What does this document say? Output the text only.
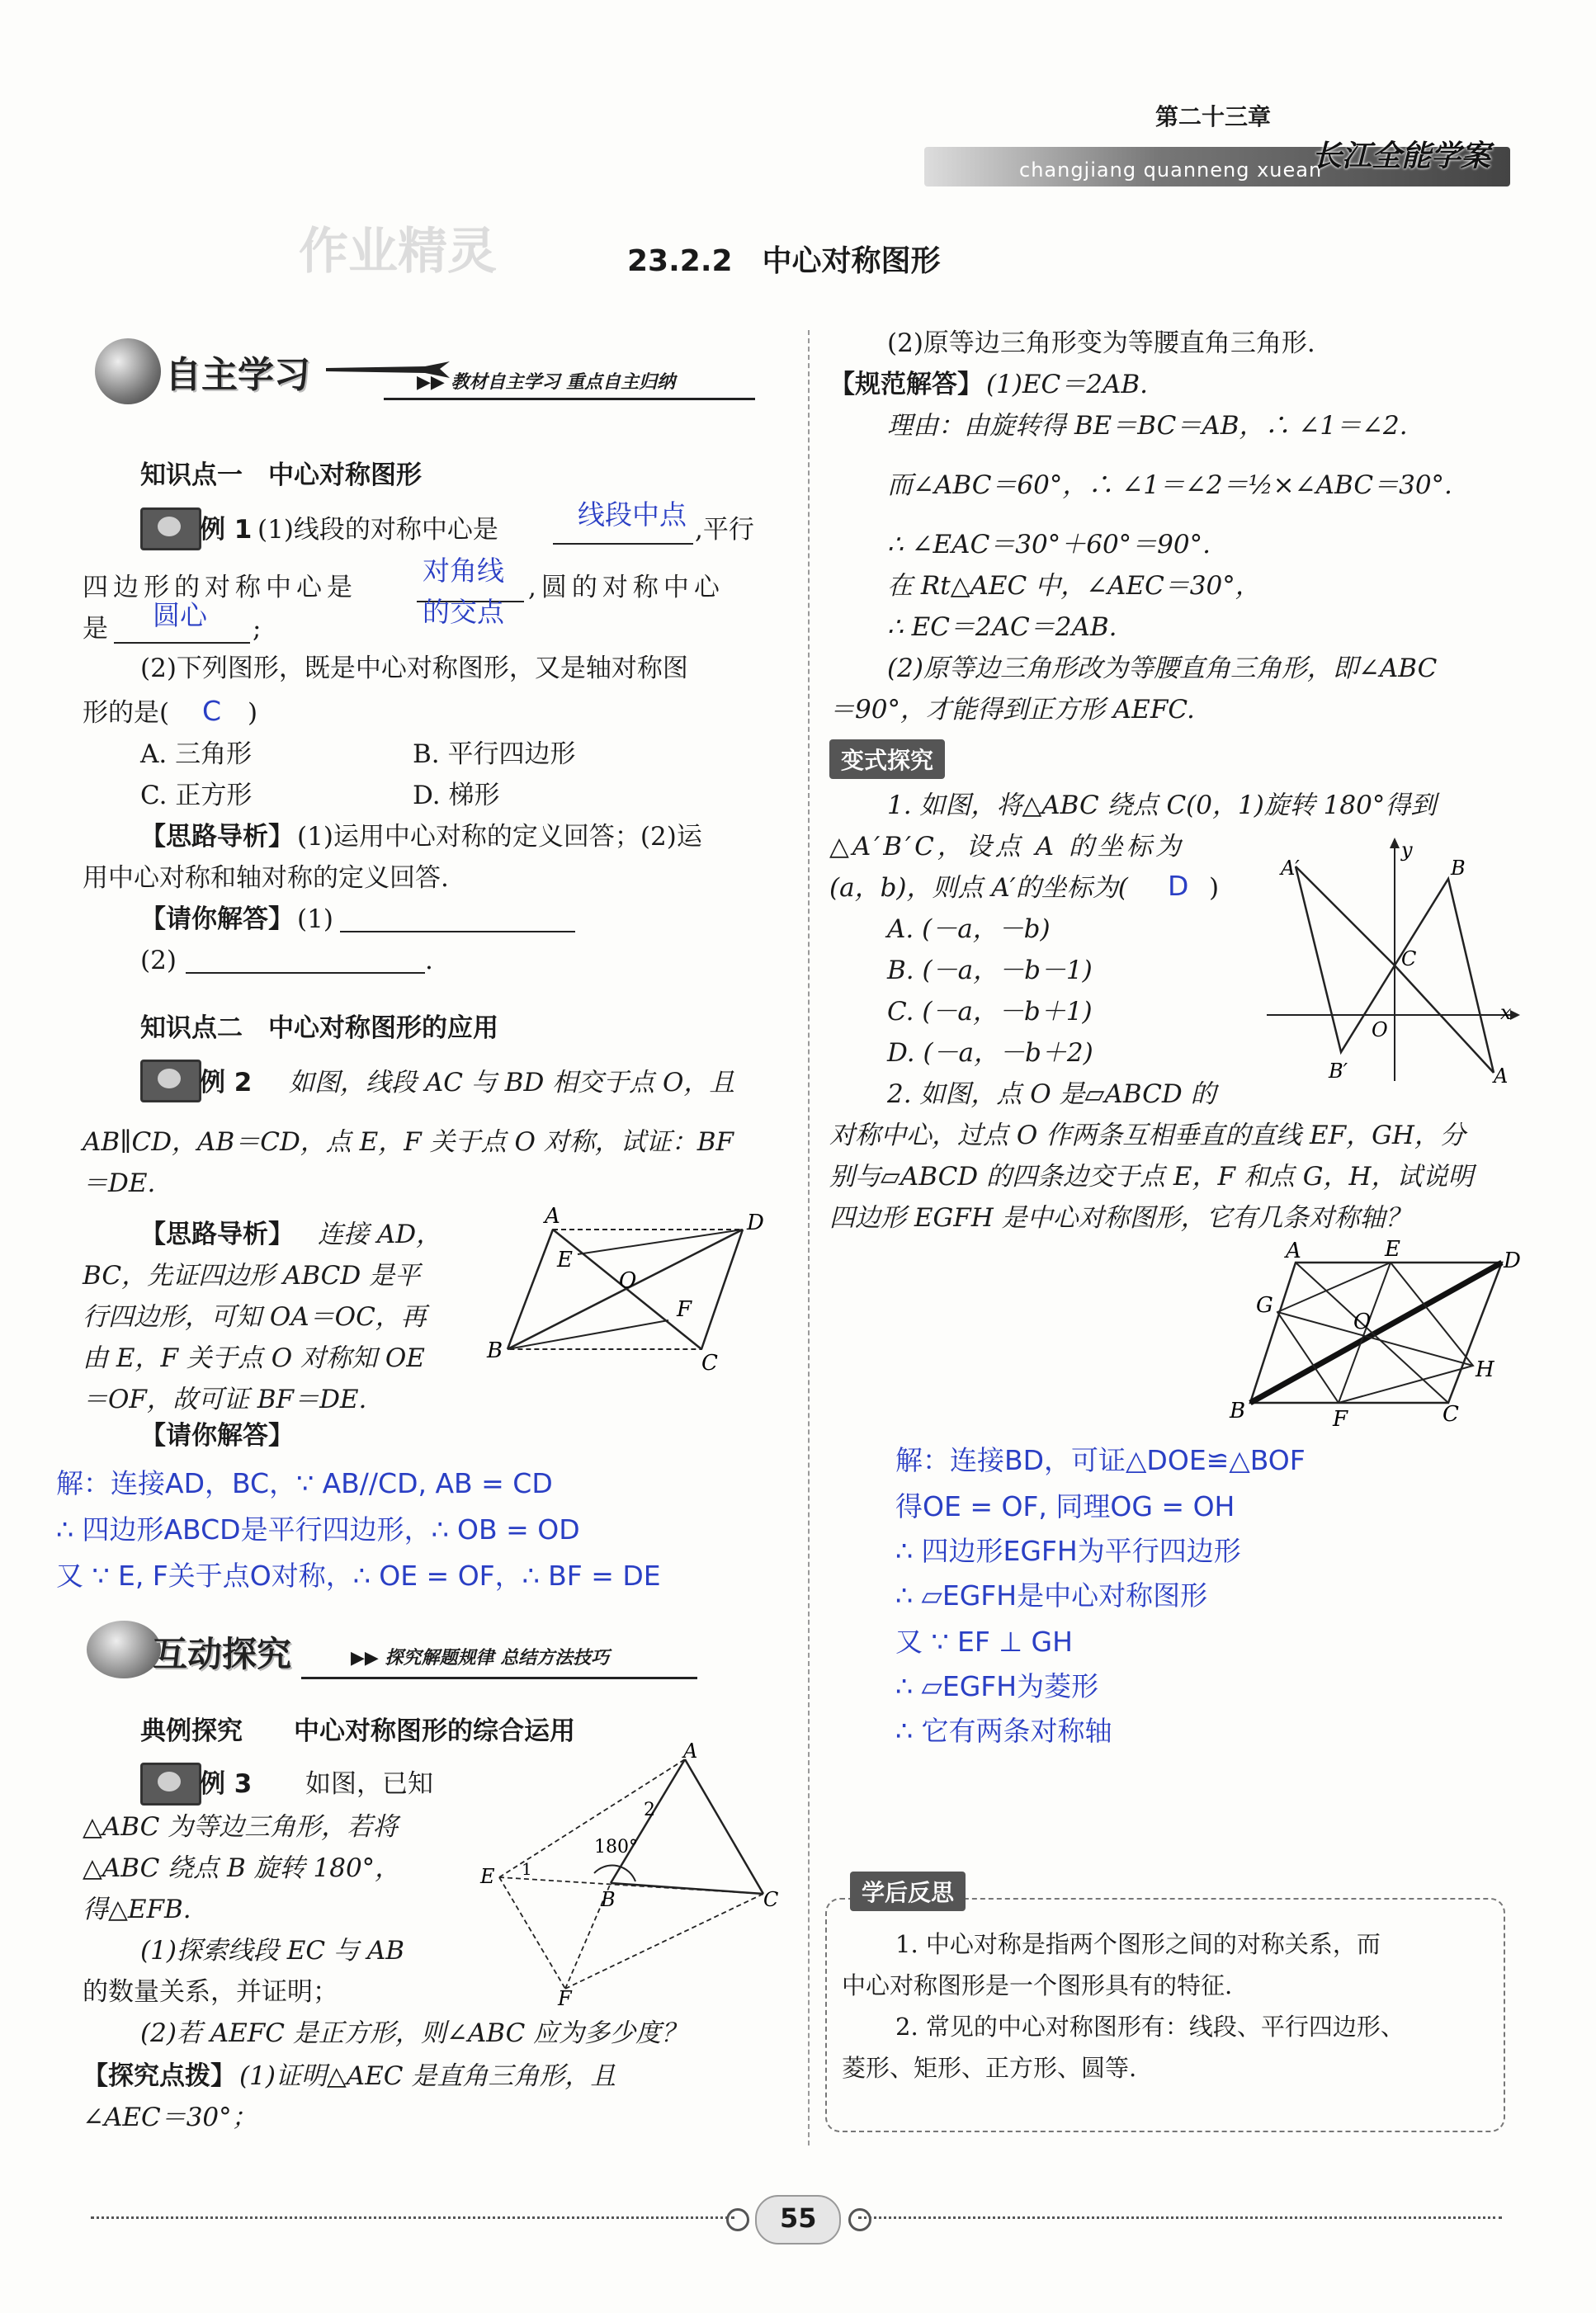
第二十三章
changjiang quanneng xuean
长江全能学案
作业精灵	23.2.2　中心对称图形
自主学习	▶▶ 教材自主学习 重点自主归纳
知识点一　中心对称图形
例 1 (1)线段的对称中心是	线段中点 ,平行
四边形的对称中心是
对角线
的交点
,圆的对称中心
是 圆心 ;
(2)下列图形，既是中心对称图形，又是轴对称图
形的是( C )
A. 三角形	B. 平行四边形
C. 正方形	D. 梯形
【思路导析】 (1)运用中心对称的定义回答；(2)运
用中心对称和轴对称的定义回答.
【请你解答】 (1)
(2)	.
知识点二　中心对称图形的应用
例 2 如图，线段 AC 与 BD 相交于点 O，且
AB∥CD，AB＝CD，点 E，F 关于点 O 对称，试证：BF
＝DE.
【思路导析】 连接 AD，
BC，先证四边形 ABCD 是平
行四边形，可知 OA＝OC，再
由 E，F 关于点 O 对称知 OE
＝OF，故可证 BF＝DE.
A	D
E
O
F
B	C
【请你解答】
解：连接AD，BC，∵ AB//CD, AB = CD
∴ 四边形ABCD是平行四边形，∴ OB = OD
又 ∵ E, F关于点O对称，∴ OE = OF，∴ BF = DE
互动探究	▶▶ 探究解题规律 总结方法技巧
典例探究　　中心对称图形的综合运用
例 3 如图，已知
△ABC 为等边三角形，若将
△ABC 绕点 B 旋转 180°，
得△EFB.
(1)探索线段 EC 与 AB
的数量关系，并证明；
(2)若 AEFC 是正方形，则∠ABC 应为多少度？
A
2
180°
1
E
B	C
F
【探究点拨】 (1)证明△AEC 是直角三角形，且
∠AEC＝30°；
(2)原等边三角形变为等腰直角三角形.
【规范解答】 (1)EC＝2AB.
理由：由旋转得 BE＝BC＝AB，∴ ∠1＝∠2.
而∠ABC＝60°，∴ ∠1＝∠2＝½×∠ABC＝30°.
∴ ∠EAC＝30°＋60°＝90°.
在 Rt△AEC 中，∠AEC＝30°，
∴ EC＝2AC＝2AB.
(2)原等边三角形改为等腰直角三角形，即∠ABC
＝90°，才能得到正方形 AEFC.
变式探究
1. 如图，将△ABC 绕点 C(0，1)旋转 180°得到
△A′B′C，设点 A 的坐标为
(a，b)，则点 A′的坐标为( D )
A. (－a，－b)
B. (－a，－b－1)
C. (－a，－b＋1)
D. (－a，－b＋2)
A′
y
B
C
O
x
B′	A
2. 如图，点 O 是▱ABCD 的
对称中心，过点 O 作两条互相垂直的直线 EF，GH，分
别与▱ABCD 的四条边交于点 E，F 和点 G，H，试说明
四边形 EGFH 是中心对称图形，它有几条对称轴？
A	E	D
G
O
H
B	F	C
解：连接BD，可证△DOE≌△BOF
得OE = OF, 同理OG = OH
∴ 四边形EGFH为平行四边形
∴ ▱EGFH是中心对称图形
又 ∵ EF ⊥ GH
∴ ▱EGFH为菱形
∴ 它有两条对称轴
学后反思
1. 中心对称是指两个图形之间的对称关系，而
中心对称图形是一个图形具有的特征.
2. 常见的中心对称图形有：线段、平行四边形、
菱形、矩形、正方形、圆等.
55
